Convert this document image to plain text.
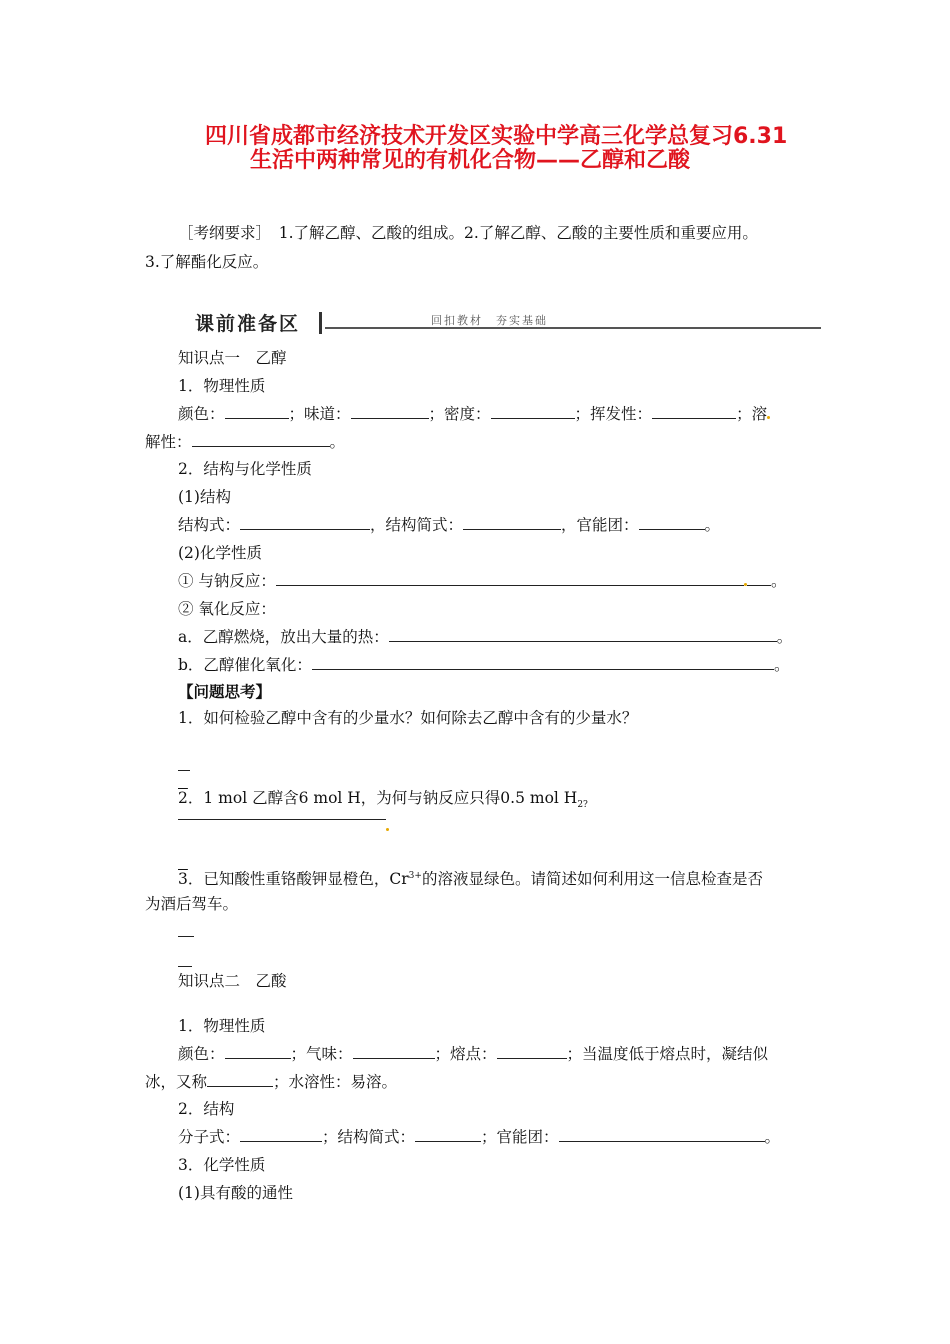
四川省成都市经济技术开发区实验中学高三化学总复习6.31
生活中两种常见的有机化合物——乙醇和乙酸
［考纲要求］　1.了解乙醇、乙酸的组成。2.了解乙醇、乙酸的主要性质和重要应用。
3.了解酯化反应。
课前准备区	回扣教材　夯实基础
知识点一　乙醇
1．物理性质
颜色：	；味道：	；密度：	；挥发性：	；溶
解性：	。
2．结构与化学性质
(1)结构
结构式：	，结构简式：	，官能团：	。
(2)化学性质
① 与钠反应：	。
② 氧化反应：
a．乙醇燃烧，放出大量的热：	。
b．乙醇催化氧化：	。
【问题思考】
1．如何检验乙醇中含有的少量水？如何除去乙醇中含有的少量水？
2．1 mol 乙醇含6 mol H，为何与钠反应只得0.5 mol $H_{2?}$
3．已知酸性重铬酸钾显橙色，$Cr^{3+}$的溶液显绿色。请简述如何利用这一信息检查是否
为酒后驾车。
知识点二　乙酸
1．物理性质
颜色：	；气味：	；熔点：	；当温度低于熔点时，凝结似
冰，又称	；水溶性：易溶。
2．结构
分子式：	；结构简式：	；官能团：	。
3．化学性质
(1)具有酸的通性
